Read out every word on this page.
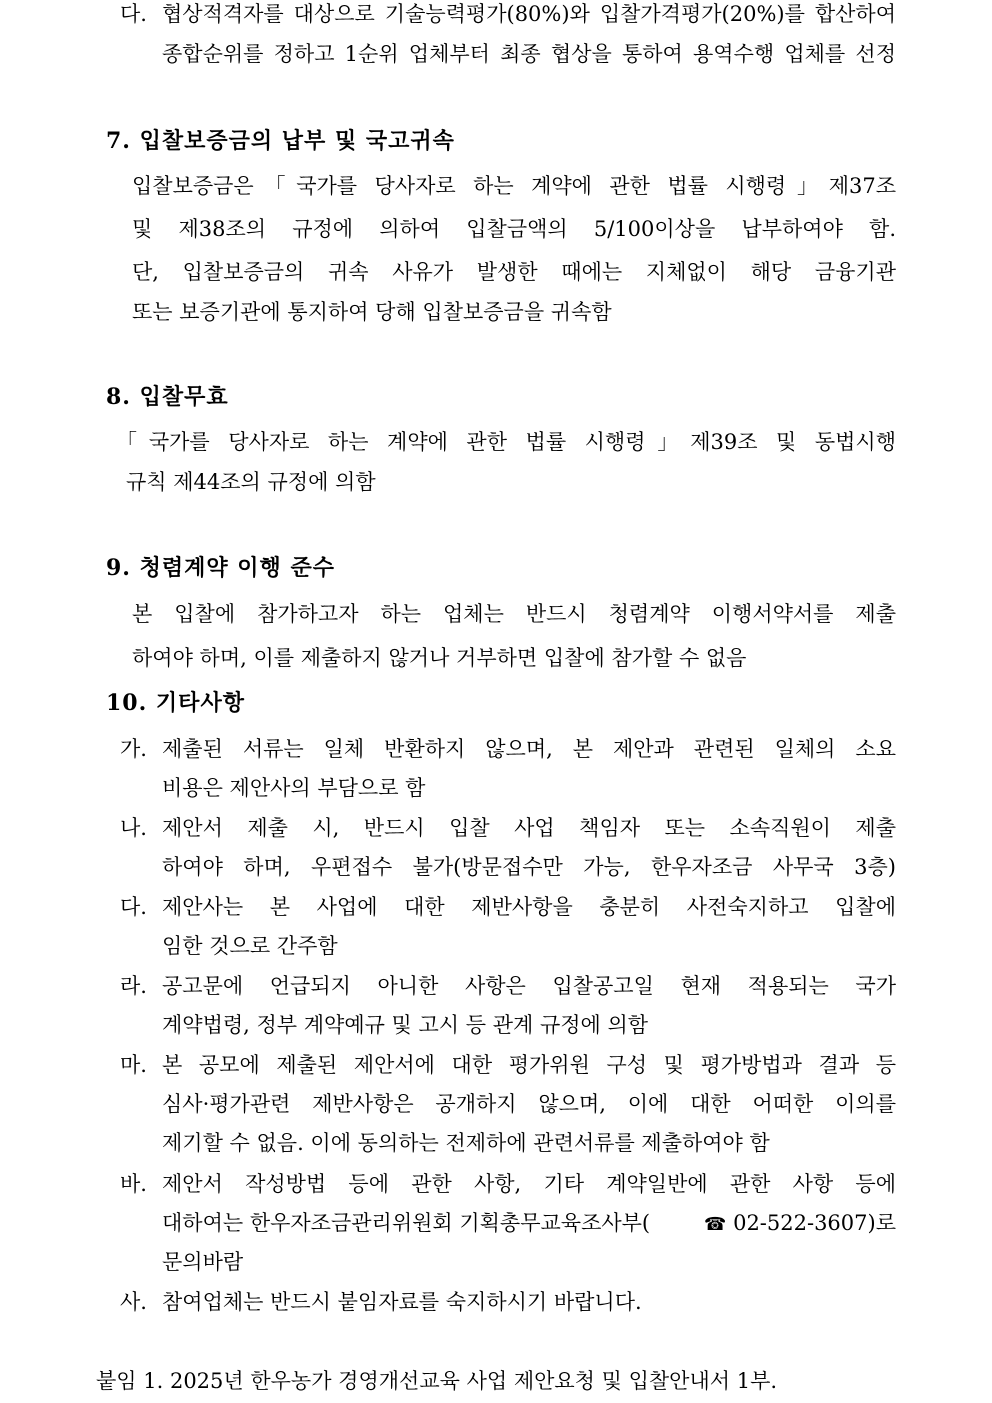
다. 협상적격자를 대상으로 기술능력평가(80%)와 입찰가격평가(20%)를 합산하여
종합순위를 정하고 1순위 업체부터 최종 협상을 통하여 용역수행 업체를 선정
7. 입찰보증금의 납부 및 국고귀속
입찰보증금은「국가를 당사자로 하는 계약에 관한 법률 시행령」제37조
및 제38조의 규정에 의하여 입찰금액의 5/100이상을 납부하여야 함.
단, 입찰보증금의 귀속 사유가 발생한 때에는 지체없이 해당 금융기관
또는 보증기관에 통지하여 당해 입찰보증금을 귀속함
8. 입찰무효
「국가를 당사자로 하는 계약에 관한 법률 시행령」제39조 및 동법시행
규칙 제44조의 규정에 의함
9. 청렴계약 이행 준수
본 입찰에 참가하고자 하는 업체는 반드시 청렴계약 이행서약서를 제출
하여야 하며, 이를 제출하지 않거나 거부하면 입찰에 참가할 수 없음
10. 기타사항
가. 제출된 서류는 일체 반환하지 않으며, 본 제안과 관련된 일체의 소요
비용은 제안사의 부담으로 함
나. 제안서 제출 시, 반드시 입찰 사업 책임자 또는 소속직원이 제출
하여야 하며, 우편접수 불가(방문접수만 가능, 한우자조금 사무국 3층)
다. 제안사는 본 사업에 대한 제반사항을 충분히 사전숙지하고 입찰에
임한 것으로 간주함
라. 공고문에 언급되지 아니한 사항은 입찰공고일 현재 적용되는 국가
계약법령, 정부 계약예규 및 고시 등 관계 규정에 의함
마. 본 공모에 제출된 제안서에 대한 평가위원 구성 및 평가방법과 결과 등
심사·평가관련 제반사항은 공개하지 않으며, 이에 대한 어떠한 이의를
제기할 수 없음. 이에 동의하는 전제하에 관련서류를 제출하여야 함
바. 제안서 작성방법 등에 관한 사항, 기타 계약일반에 관한 사항 등에
대하여는 한우자조금관리위원회 기획총무교육조사부(	☎ 02-522-3607)로
문의바람
사. 참여업체는 반드시 붙임자료를 숙지하시기 바랍니다.
붙임 1. 2025년 한우농가 경영개선교육 사업 제안요청 및 입찰안내서 1부.
